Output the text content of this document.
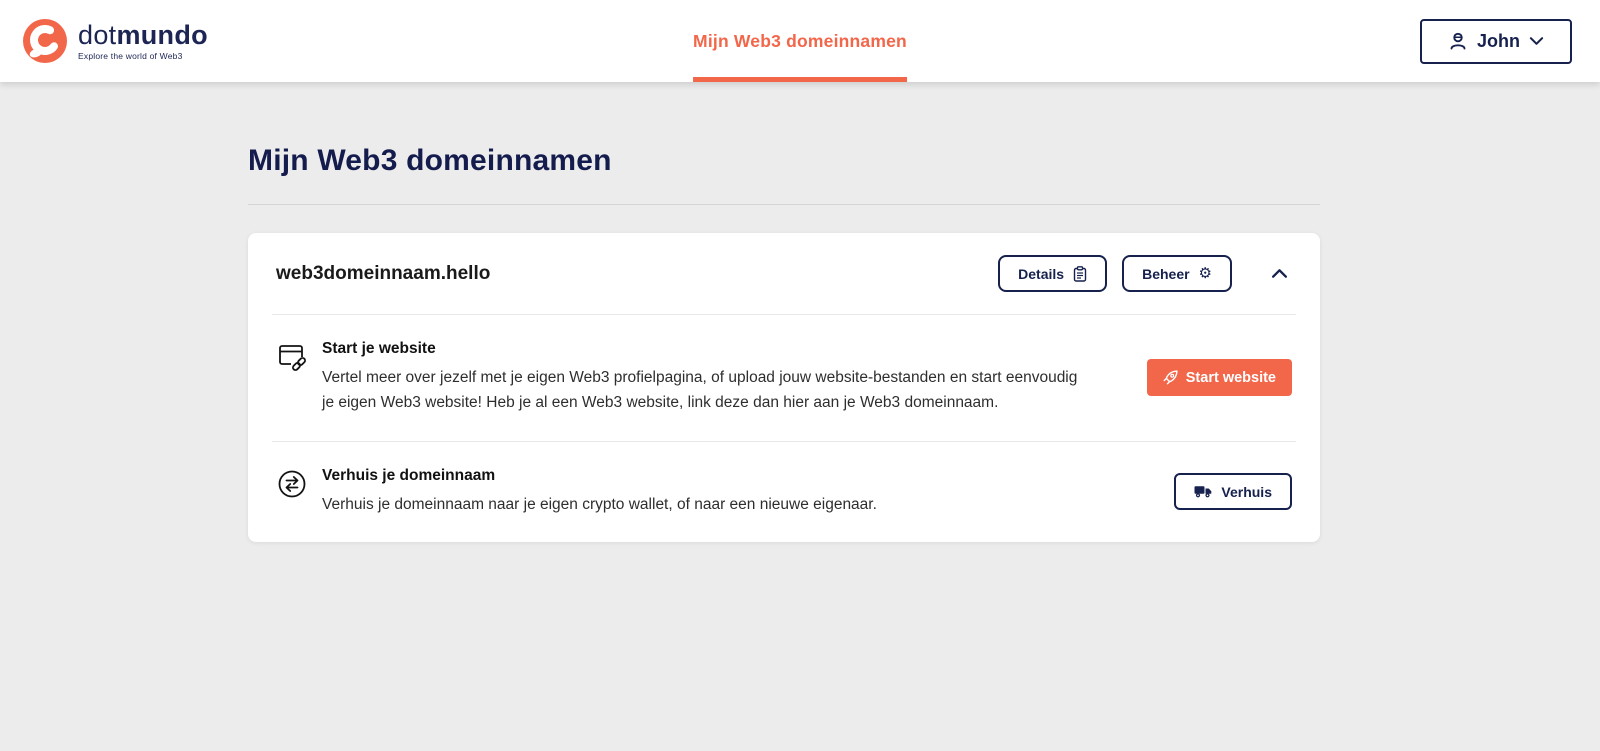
dotmundo
Explore the world of Web3
Mijn Web3 domeinnamen	John
Mijn Web3 domeinnamen
web3domeinnaam.hello	Details	Beheer ⚙
Start je website

Vertel meer over jezelf met je eigen Web3 profielpagina, of upload jouw website-bestanden en start eenvoudig je eigen Web3 website! Heb je al een Web3 website, link deze dan hier aan je Web3 domeinnaam.

Start website
Verhuis je domeinnaam

Verhuis je domeinnaam naar je eigen crypto wallet, of naar een nieuwe eigenaar.

Verhuis
